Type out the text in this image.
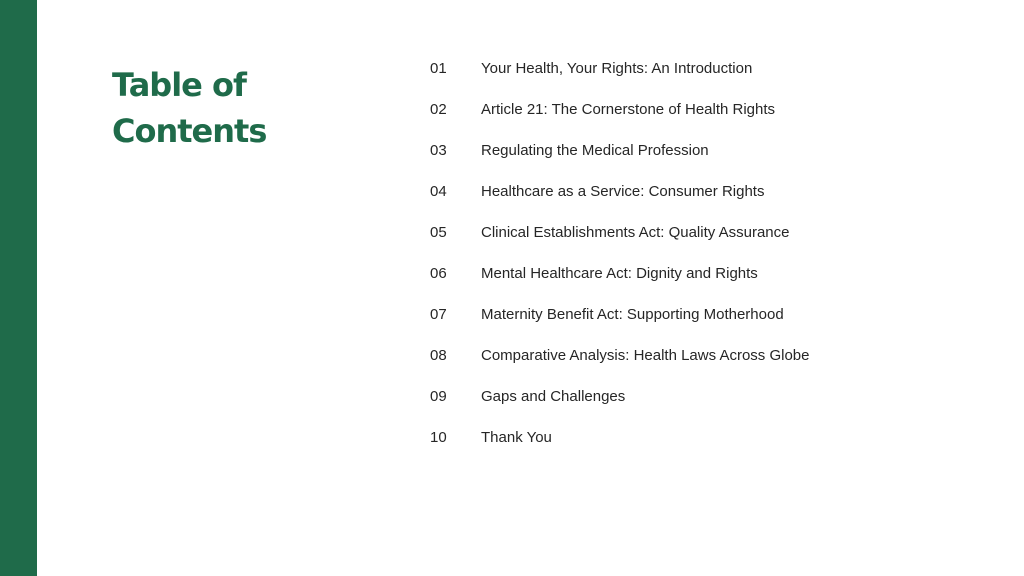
Table of Contents
01	Your Health, Your Rights: An Introduction
02	Article 21: The Cornerstone of Health Rights
03	Regulating the Medical Profession
04	Healthcare as a Service: Consumer Rights
05	Clinical Establishments Act: Quality Assurance
06	Mental Healthcare Act: Dignity and Rights
07	Maternity Benefit Act: Supporting Motherhood
08	Comparative Analysis: Health Laws Across Globe
09	Gaps and Challenges
10	Thank You
